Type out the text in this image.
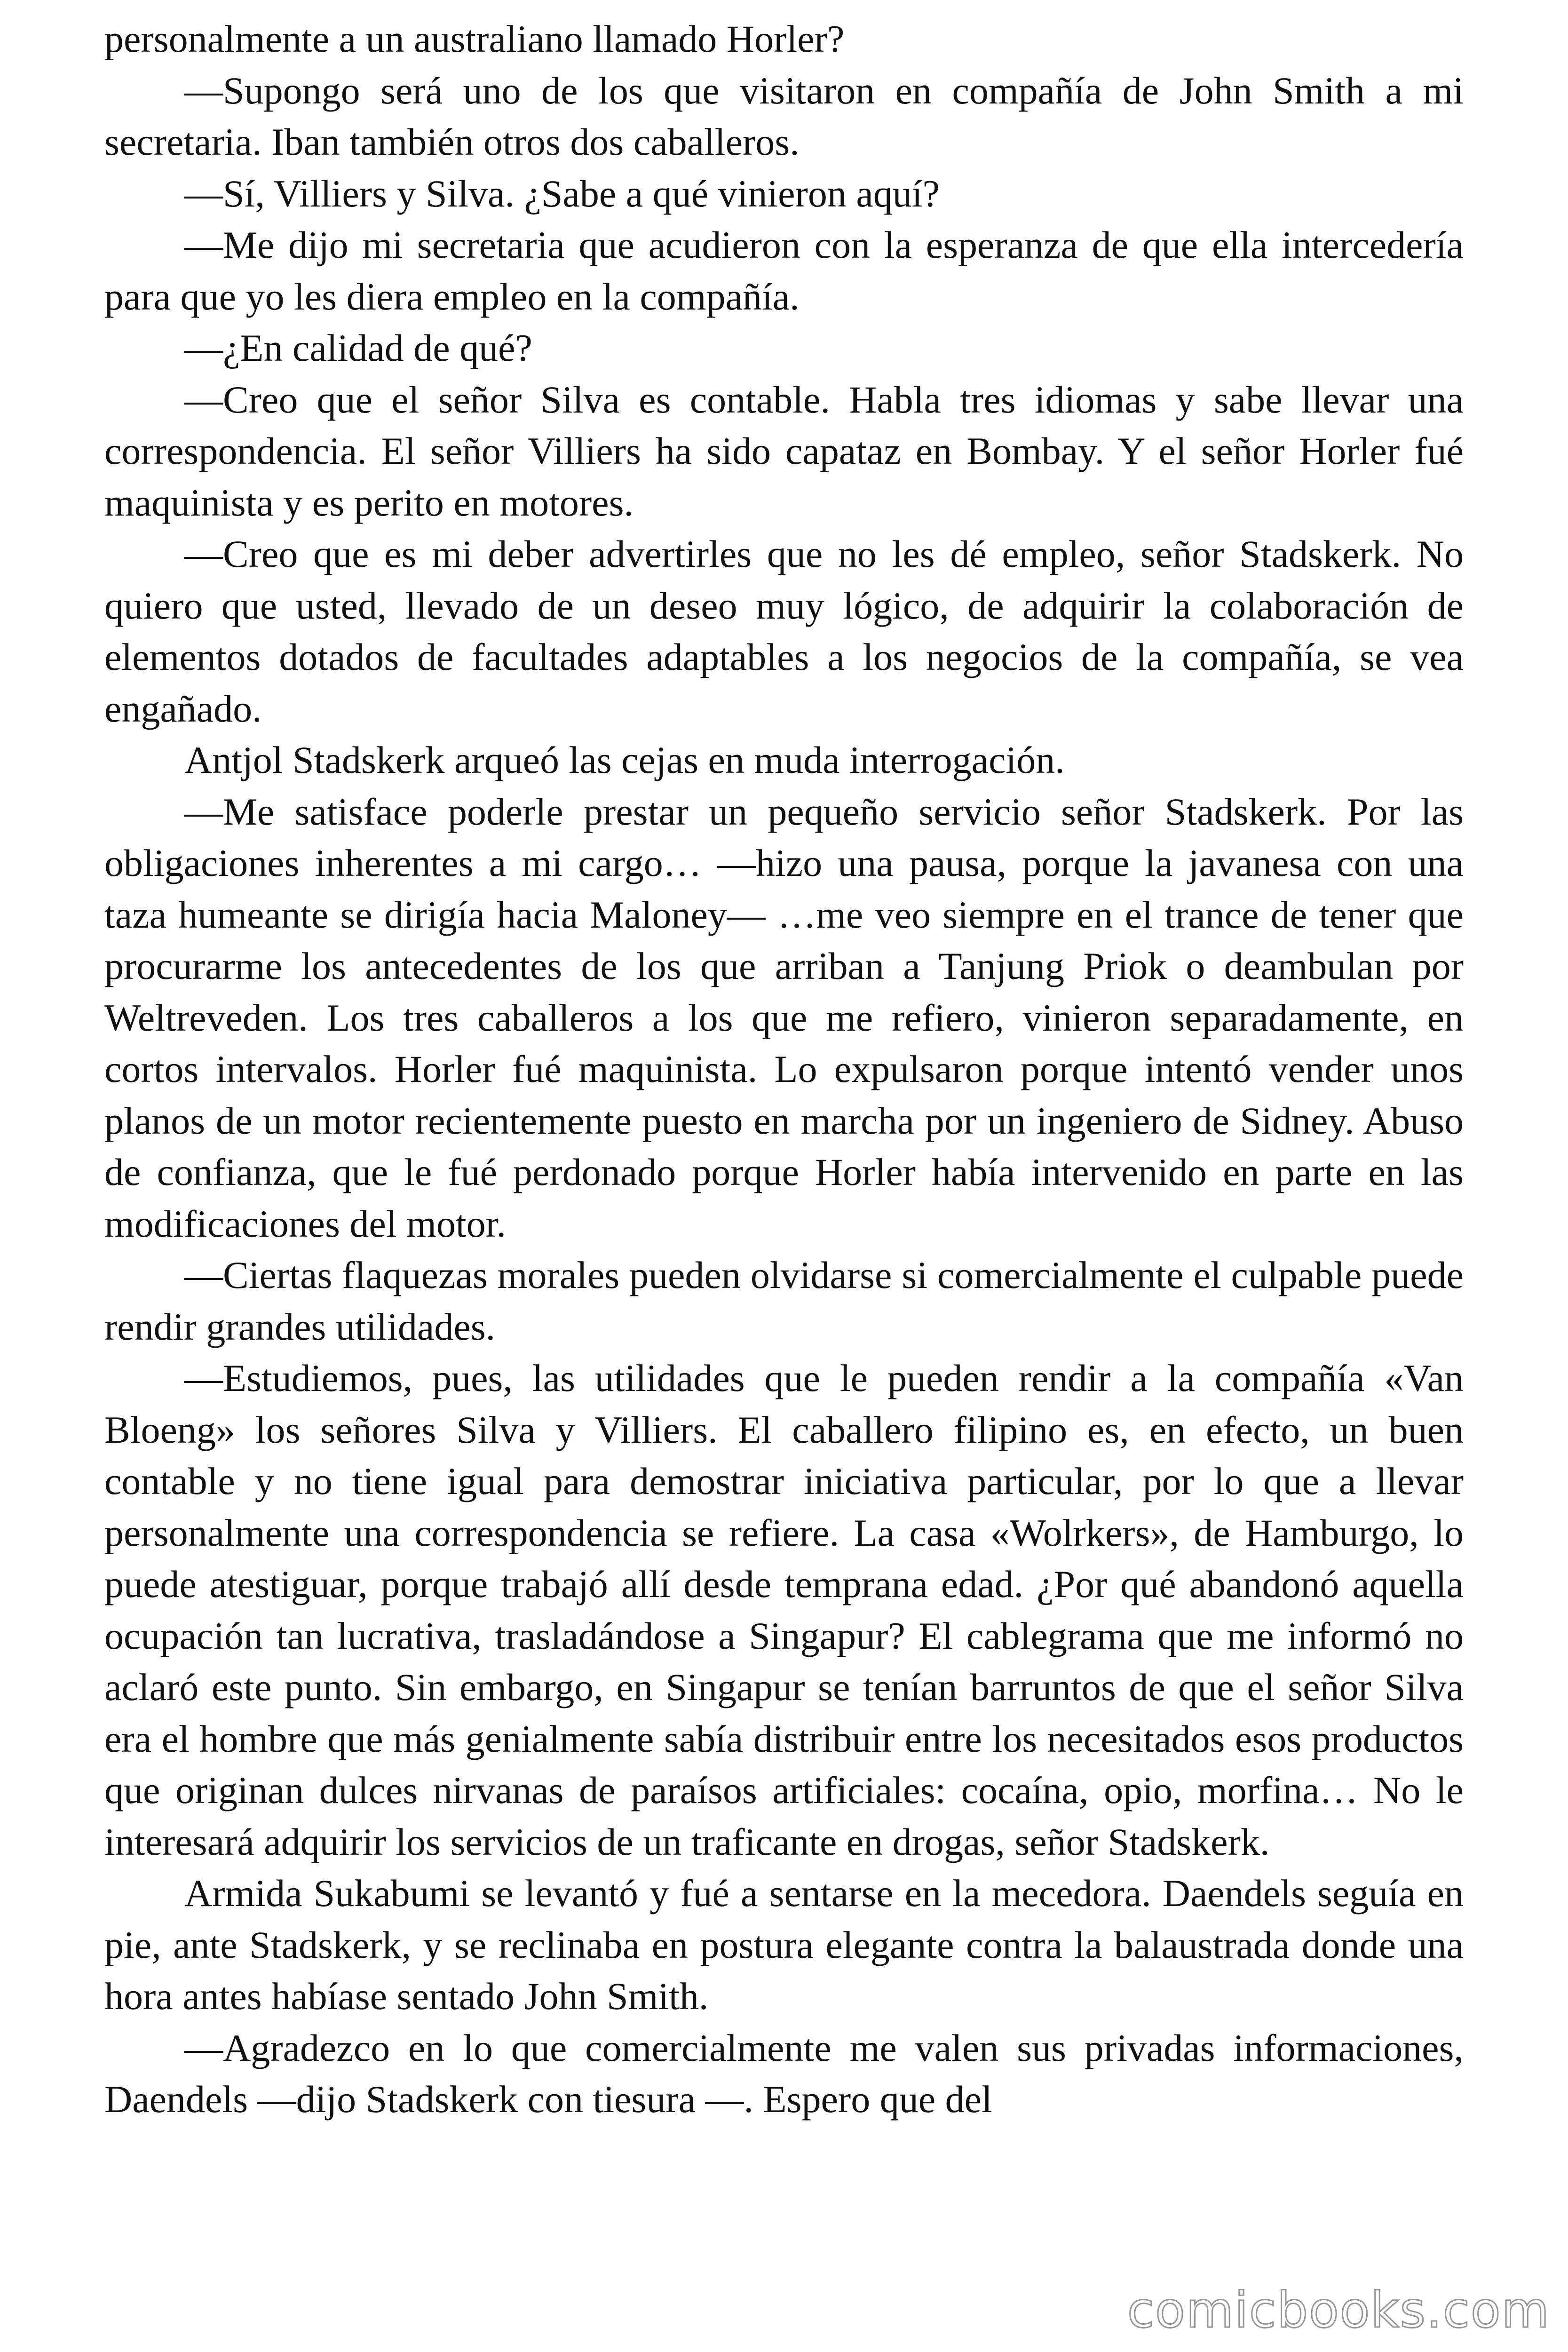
personalmente a un australiano llamado Horler?

—Supongo será uno de los que visitaron en compañía de John Smith a mi secretaria. Iban también otros dos caballeros.

—Sí, Villiers y Silva. ¿Sabe a qué vinieron aquí?

—Me dijo mi secretaria que acudieron con la esperanza de que ella intercedería para que yo les diera empleo en la compañía.

—¿En calidad de qué?

—Creo que el señor Silva es contable. Habla tres idiomas y sabe llevar una correspondencia. El señor Villiers ha sido capataz en Bombay. Y el señor Horler fué maquinista y es perito en motores.

—Creo que es mi deber advertirles que no les dé empleo, señor Stadskerk. No quiero que usted, llevado de un deseo muy lógico, de adquirir la colaboración de elementos dotados de facultades adaptables a los negocios de la compañía, se vea engañado.

Antjol Stadskerk arqueó las cejas en muda interrogación.

—Me satisface poderle prestar un pequeño servicio señor Stadskerk. Por las obligaciones inherentes a mi cargo… —hizo una pausa, porque la javanesa con una taza humeante se dirigía hacia Maloney— …me veo siempre en el trance de tener que procurarme los antecedentes de los que arriban a Tanjung Priok o deambulan por Weltreveden. Los tres caballeros a los que me refiero, vinieron separadamente, en cortos intervalos. Horler fué maquinista. Lo expulsaron porque intentó vender unos planos de un motor recientemente puesto en marcha por un ingeniero de Sidney. Abuso de confianza, que le fué perdonado porque Horler había intervenido en parte en las modificaciones del motor.

—Ciertas flaquezas morales pueden olvidarse si comercialmente el culpable puede rendir grandes utilidades.

—Estudiemos, pues, las utilidades que le pueden rendir a la compañía «Van Bloeng» los señores Silva y Villiers. El caballero filipino es, en efecto, un buen contable y no tiene igual para demostrar iniciativa particular, por lo que a llevar personalmente una correspondencia se refiere. La casa «Wolrkers», de Hamburgo, lo puede atestiguar, porque trabajó allí desde temprana edad. ¿Por qué abandonó aquella ocupación tan lucrativa, trasladándose a Singapur? El cablegrama que me informó no aclaró este punto. Sin embargo, en Singapur se tenían barruntos de que el señor Silva era el hombre que más genialmente sabía distribuir entre los necesitados esos productos que originan dulces nirvanas de paraísos artificiales: cocaína, opio, morfina… No le interesará adquirir los servicios de un traficante en drogas, señor Stadskerk.

Armida Sukabumi se levantó y fué a sentarse en la mecedora. Daendels seguía en pie, ante Stadskerk, y se reclinaba en postura elegante contra la balaustrada donde una hora antes habíase sentado John Smith.

—Agradezco en lo que comercialmente me valen sus privadas informaciones, Daendels —dijo Stadskerk con tiesura —. Espero que del

comicbooks.com
